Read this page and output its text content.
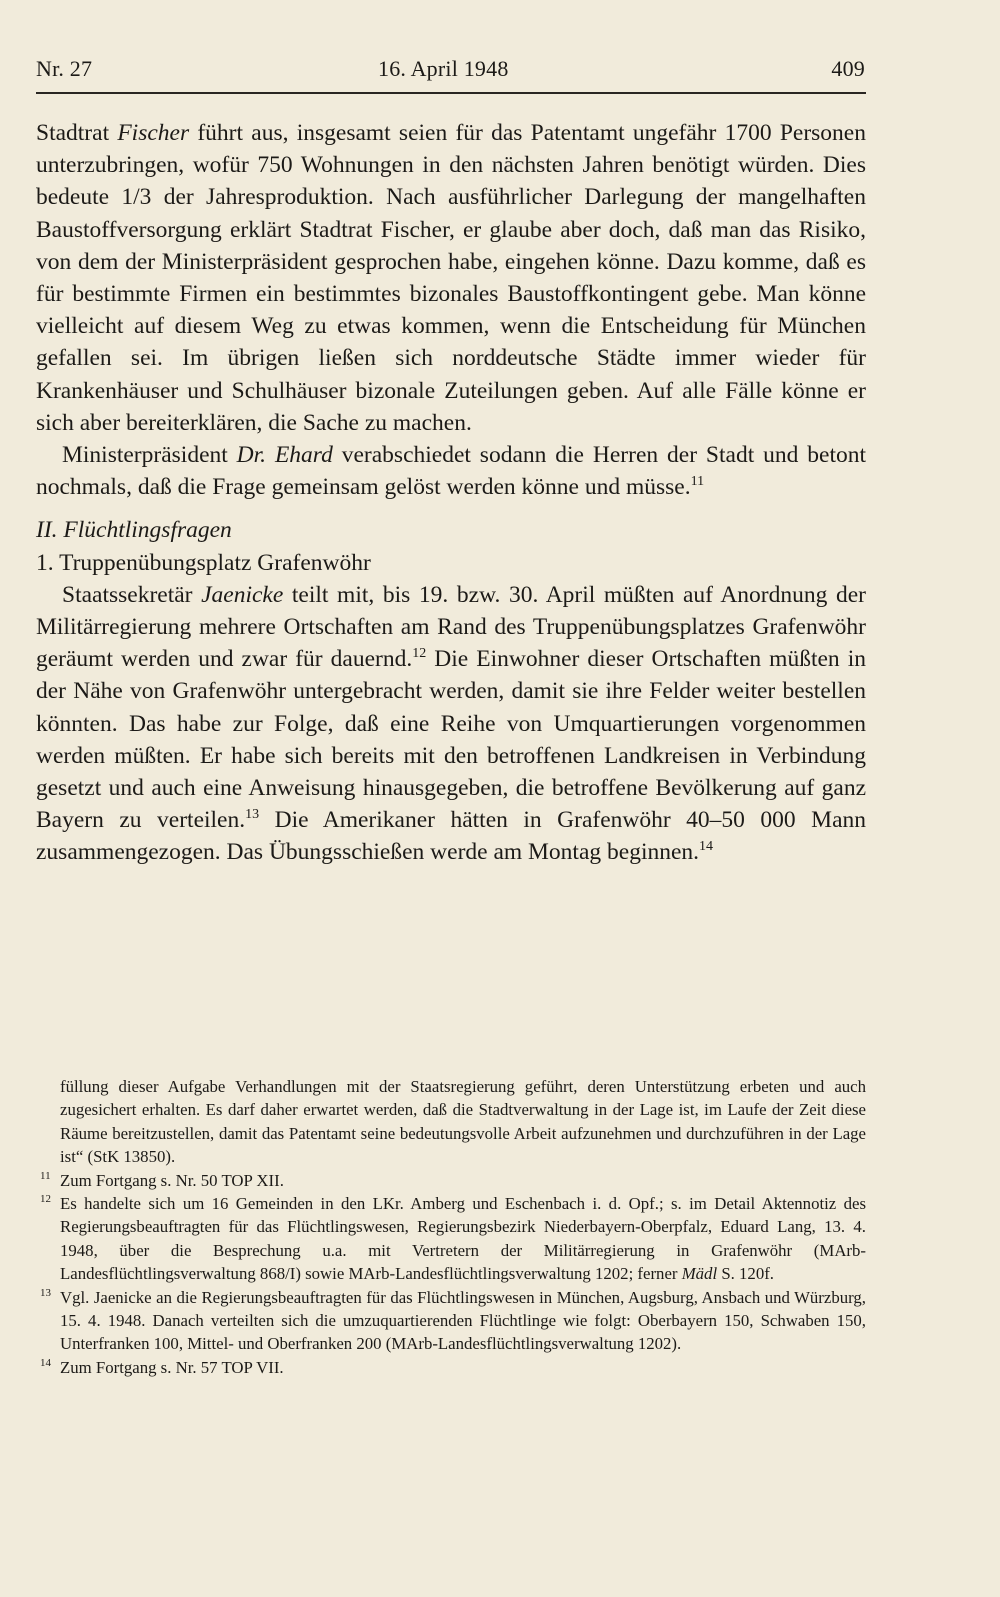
Nr. 27	16. April 1948	409

Stadtrat Fischer führt aus, insgesamt seien für das Patentamt ungefähr 1700 Personen unterzubringen, wofür 750 Wohnungen in den nächsten Jahren benötigt würden. Dies bedeute 1/3 der Jahresproduktion. Nach ausführlicher Darlegung der mangelhaften Baustoffversorgung erklärt Stadtrat Fischer, er glaube aber doch, daß man das Risiko, von dem der Ministerpräsident gesprochen habe, eingehen könne. Dazu komme, daß es für bestimmte Firmen ein bestimmtes bizonales Baustoffkontingent gebe. Man könne vielleicht auf diesem Weg zu etwas kommen, wenn die Entscheidung für München gefallen sei. Im übrigen ließen sich norddeutsche Städte immer wieder für Krankenhäuser und Schulhäuser bizonale Zuteilungen geben. Auf alle Fälle könne er sich aber bereiterklären, die Sache zu machen.

Ministerpräsident Dr. Ehard verabschiedet sodann die Herren der Stadt und betont nochmals, daß die Frage gemeinsam gelöst werden könne und müsse.$^{11}$

II. Flüchtlingsfragen

1. Truppenübungsplatz Grafenwöhr

Staatssekretär Jaenicke teilt mit, bis 19. bzw. 30. April müßten auf Anordnung der Militärregierung mehrere Ortschaften am Rand des Truppenübungsplatzes Grafenwöhr geräumt werden und zwar für dauernd.$^{12}$ Die Einwohner dieser Ortschaften müßten in der Nähe von Grafenwöhr untergebracht werden, damit sie ihre Felder weiter bestellen könnten. Das habe zur Folge, daß eine Reihe von Umquartierungen vorgenommen werden müßten. Er habe sich bereits mit den betroffenen Landkreisen in Verbindung gesetzt und auch eine Anweisung hinausgegeben, die betroffene Bevölkerung auf ganz Bayern zu verteilen.$^{13}$ Die Amerikaner hätten in Grafenwöhr 40–50 000 Mann zusammengezogen. Das Übungsschießen werde am Montag beginnen.$^{14}$

füllung dieser Aufgabe Verhandlungen mit der Staatsregierung geführt, deren Unterstützung erbeten und auch zugesichert erhalten. Es darf daher erwartet werden, daß die Stadtverwaltung in der Lage ist, im Laufe der Zeit diese Räume bereitzustellen, damit das Patentamt seine bedeutungsvolle Arbeit aufzunehmen und durchzuführen in der Lage ist“ (StK 13850).

11 Zum Fortgang s. Nr. 50 TOP XII.

12 Es handelte sich um 16 Gemeinden in den LKr. Amberg und Eschenbach i. d. Opf.; s. im Detail Aktennotiz des Regierungsbeauftragten für das Flüchtlingswesen, Regierungsbezirk Niederbayern-Oberpfalz, Eduard Lang, 13. 4. 1948, über die Besprechung u.a. mit Vertretern der Militärregierung in Grafenwöhr (MArb-Landesflüchtlingsverwaltung 868/I) sowie MArb-Landesflüchtlingsverwaltung 1202; ferner Mädl S. 120f.

13 Vgl. Jaenicke an die Regierungsbeauftragten für das Flüchtlingswesen in München, Augsburg, Ansbach und Würzburg, 15. 4. 1948. Danach verteilten sich die umzuquartierenden Flüchtlinge wie folgt: Oberbayern 150, Schwaben 150, Unterfranken 100, Mittel- und Oberfranken 200 (MArb-Landesflüchtlingsverwaltung 1202).

14 Zum Fortgang s. Nr. 57 TOP VII.
